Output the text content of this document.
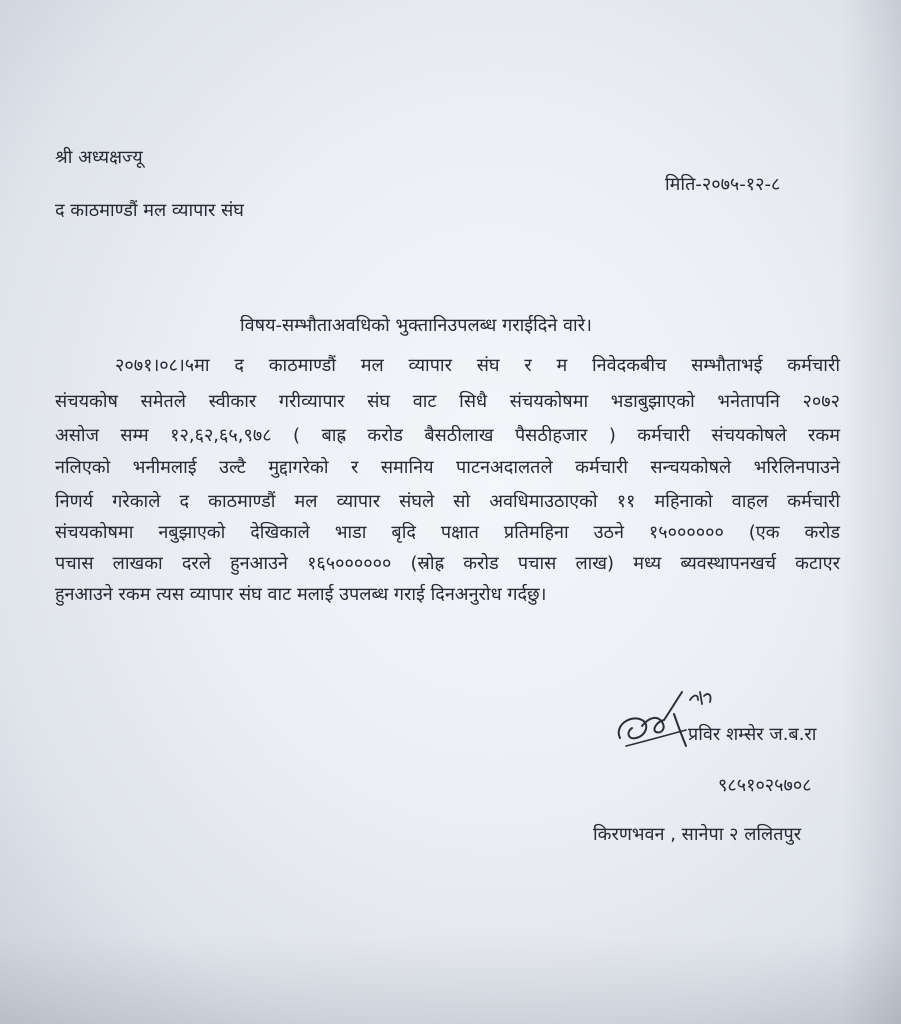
श्री अध्यक्षज्यू
मिति-२०७५-१२-८
द काठमाण्डौं मल व्यापार संघ
विषय-सम्भौताअवधिको भुक्तानिउपलब्ध गराईदिने वारे।
२०७१।०८।५मा द काठमाण्डौं मल व्यापार संघ र म निवेदकबीच सम्भौताभई कर्मचारी
संचयकोष समेतले स्वीकार गरीव्यापार संघ वाट सिधै संचयकोषमा भडाबुझाएको भनेतापनि २०७२
असोज सम्म १२,६२,६५,९७८ ( बाह्र करोड बैसठीलाख पैसठीहजार ) कर्मचारी संचयकोषले रकम
नलिएको भनीमलाई उल्टै मुद्दागरेको र समानिय पाटनअदालतले कर्मचारी सन्चयकोषले भरिलिनपाउने
निणर्य गरेकाले द काठमाण्डौं मल व्यापार संघले सो अवधिमाउठाएको ११ महिनाको वाहल कर्मचारी
संचयकोषमा नबुझाएको देखिकाले भाडा बृदि पक्षात प्रतिमहिना उठने १५०००००० (एक करोड
पचास लाखका दरले हुनआउने १६५०००००० (स्रोह्र करोड पचास लाख) मध्य ब्यवस्थापनखर्च कटाएर
हुनआउने रकम त्यस व्यापार संघ वाट मलाई उपलब्ध गराई दिनअनुरोध गर्दछु।
प्रविर शम्सेर ज.ब.रा
९८५१०२५७०८
किरणभवन , सानेपा २ ललितपुर
